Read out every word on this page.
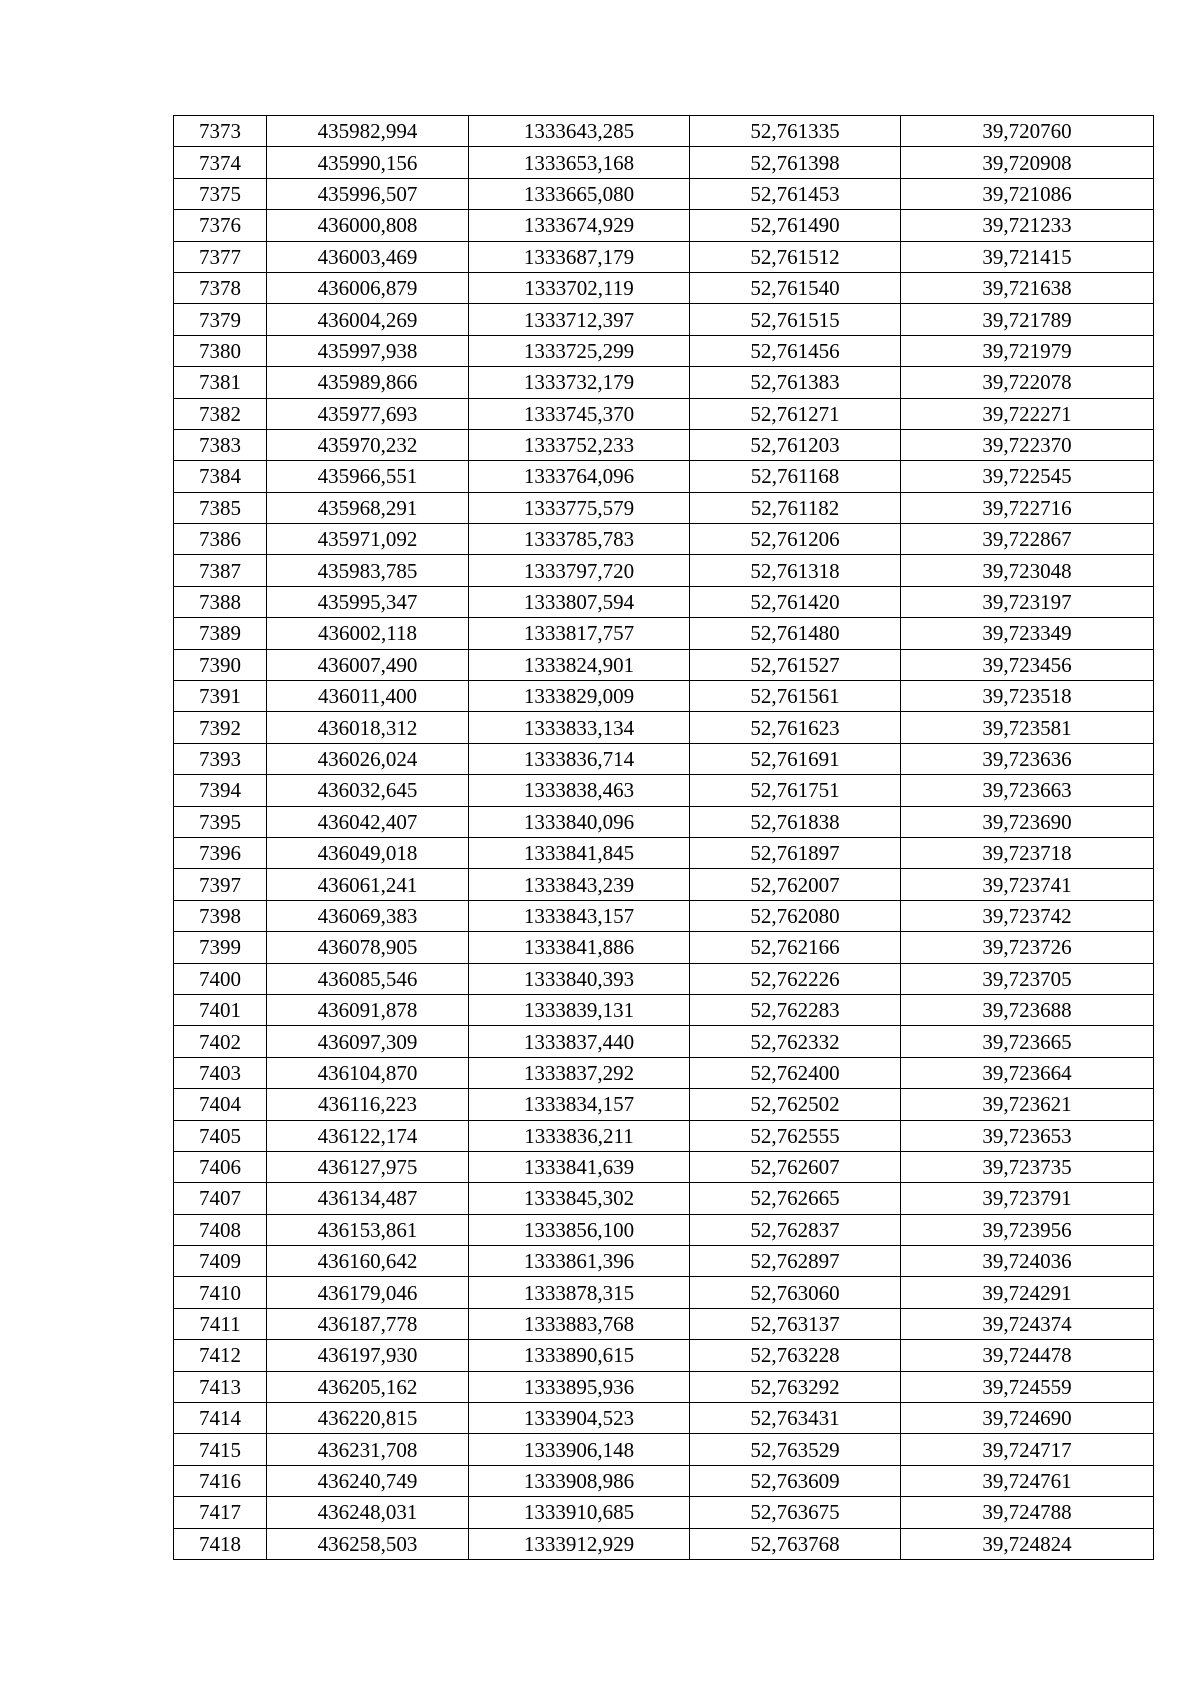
7373	435982,994	1333643,285	52,761335	39,720760
7374	435990,156	1333653,168	52,761398	39,720908
7375	435996,507	1333665,080	52,761453	39,721086
7376	436000,808	1333674,929	52,761490	39,721233
7377	436003,469	1333687,179	52,761512	39,721415
7378	436006,879	1333702,119	52,761540	39,721638
7379	436004,269	1333712,397	52,761515	39,721789
7380	435997,938	1333725,299	52,761456	39,721979
7381	435989,866	1333732,179	52,761383	39,722078
7382	435977,693	1333745,370	52,761271	39,722271
7383	435970,232	1333752,233	52,761203	39,722370
7384	435966,551	1333764,096	52,761168	39,722545
7385	435968,291	1333775,579	52,761182	39,722716
7386	435971,092	1333785,783	52,761206	39,722867
7387	435983,785	1333797,720	52,761318	39,723048
7388	435995,347	1333807,594	52,761420	39,723197
7389	436002,118	1333817,757	52,761480	39,723349
7390	436007,490	1333824,901	52,761527	39,723456
7391	436011,400	1333829,009	52,761561	39,723518
7392	436018,312	1333833,134	52,761623	39,723581
7393	436026,024	1333836,714	52,761691	39,723636
7394	436032,645	1333838,463	52,761751	39,723663
7395	436042,407	1333840,096	52,761838	39,723690
7396	436049,018	1333841,845	52,761897	39,723718
7397	436061,241	1333843,239	52,762007	39,723741
7398	436069,383	1333843,157	52,762080	39,723742
7399	436078,905	1333841,886	52,762166	39,723726
7400	436085,546	1333840,393	52,762226	39,723705
7401	436091,878	1333839,131	52,762283	39,723688
7402	436097,309	1333837,440	52,762332	39,723665
7403	436104,870	1333837,292	52,762400	39,723664
7404	436116,223	1333834,157	52,762502	39,723621
7405	436122,174	1333836,211	52,762555	39,723653
7406	436127,975	1333841,639	52,762607	39,723735
7407	436134,487	1333845,302	52,762665	39,723791
7408	436153,861	1333856,100	52,762837	39,723956
7409	436160,642	1333861,396	52,762897	39,724036
7410	436179,046	1333878,315	52,763060	39,724291
7411	436187,778	1333883,768	52,763137	39,724374
7412	436197,930	1333890,615	52,763228	39,724478
7413	436205,162	1333895,936	52,763292	39,724559
7414	436220,815	1333904,523	52,763431	39,724690
7415	436231,708	1333906,148	52,763529	39,724717
7416	436240,749	1333908,986	52,763609	39,724761
7417	436248,031	1333910,685	52,763675	39,724788
7418	436258,503	1333912,929	52,763768	39,724824
